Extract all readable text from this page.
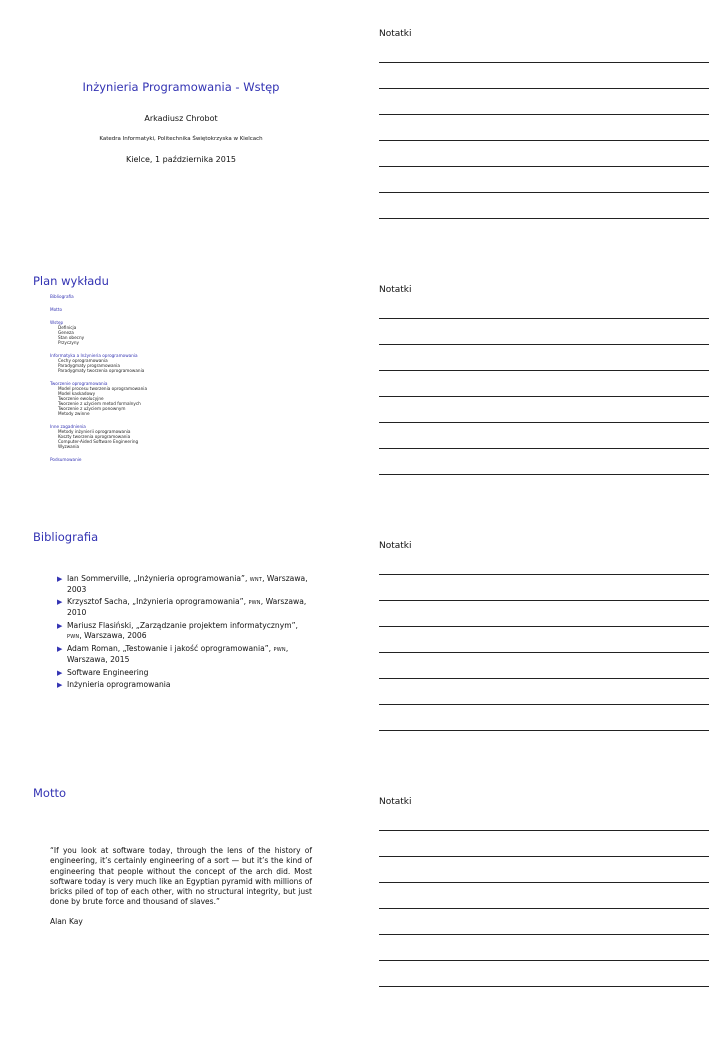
Inżynieria Programowania - Wstęp
Arkadiusz Chrobot
Katedra Informatyki, Politechnika Świętokrzyska w Kielcach
Kielce, 1 października 2015
Notatki
Plan wykładu
Bibliografia
Motto
Wstęp
Definicja
Geneza
Stan obecny
Przyczyny
Informatyka a Inżynieria oprogramowania
Cechy oprogramowania
Paradygmaty programowania
Paradygmaty tworzenia oprogramowania
Tworzenie oprogramowania
Model procesu tworzenia oprogramowania
Model kaskadowy
Tworzenie ewolucyjne
Tworzenie z użyciem metod formalnych
Tworzenie z użyciem ponownym
Metody zwinne
Inne zagadnienia
Metody inżynierii oprogramowania
Koszty tworzenia oprogramowania
Computer-Aided Software Engineering
Wyzwania
Podsumowanie
Notatki
Bibliografia
▶ Ian Sommerville, „Inżynieria oprogramowania”, wnt, Warszawa, 2003
▶ Krzysztof Sacha, „Inżynieria oprogramowania”, pwn, Warszawa, 2010
▶ Mariusz Flasiński, „Zarządzanie projektem informatycznym”, pwn, Warszawa, 2006
▶ Adam Roman, „Testowanie i jakość oprogramowania”, pwn, Warszawa, 2015
▶ Software Engineering
▶ Inżynieria oprogramowania
Notatki
Motto
“If you look at software today, through the lens of the history of engineering, it’s certainly engineering of a sort — but it’s the kind of engineering that people without the concept of the arch did. Most software today is very much like an Egyptian pyramid with millions of bricks piled of top of each other, with no structural integrity, but just done by brute force and thousand of slaves.”
Alan Kay
Notatki
